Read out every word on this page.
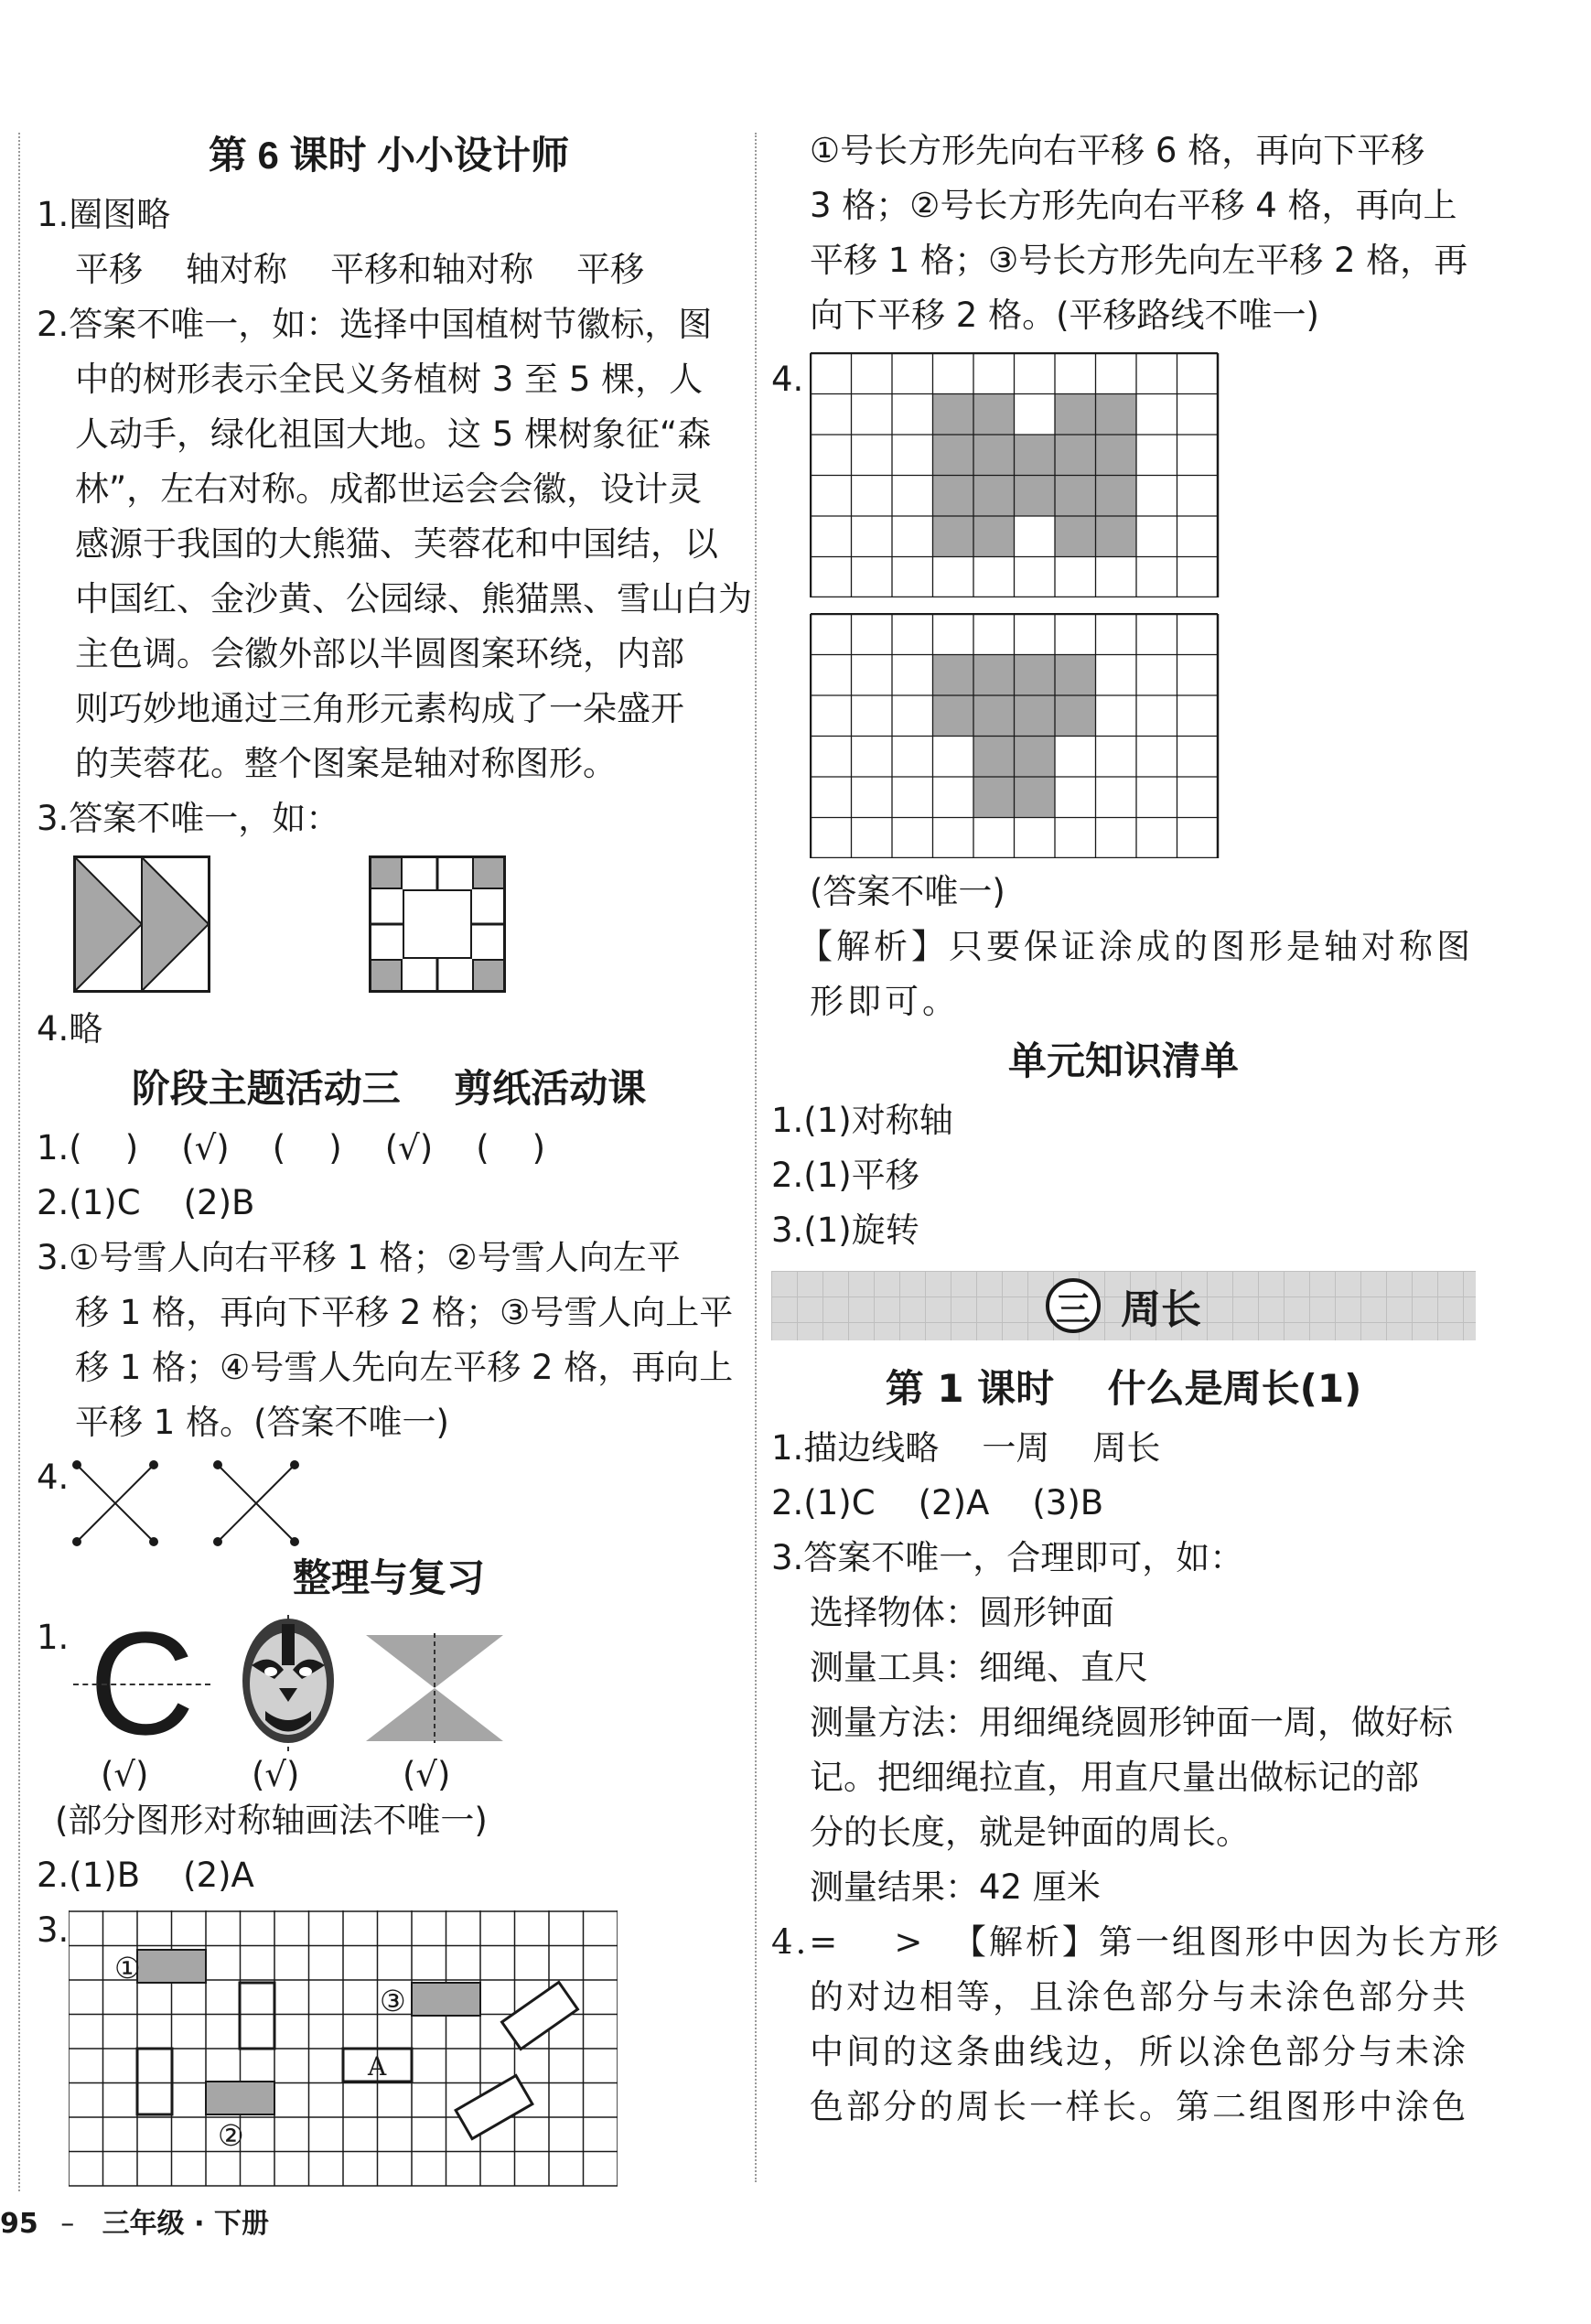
第 6 课时 小小设计师

1.圈图略

平移    轴对称    平移和轴对称    平移

2.答案不唯一，如：选择中国植树节徽标，图

中的树形表示全民义务植树 3 至 5 棵，人

人动手，绿化祖国大地。这 5 棵树象征“森

林”，左右对称。成都世运会会徽，设计灵

感源于我国的大熊猫、芙蓉花和中国结，以

中国红、金沙黄、公园绿、熊猫黑、雪山白为

主色调。会徽外部以半圆图案环绕，内部

则巧妙地通过三角形元素构成了一朵盛开

的芙蓉花。整个图案是轴对称图形。

3.答案不唯一，如：

4.略

阶段主题活动三    剪纸活动课

1.(    )    (√)    (    )    (√)    (    )

2.(1)C    (2)B

3.①号雪人向右平移 1 格；②号雪人向左平

移 1 格，再向下平移 2 格；③号雪人向上平

移 1 格；④号雪人先向左平移 2 格，再向上

平移 1 格。(答案不唯一)

4.

整理与复习

1. C
(√)	(√)	(√)

(部分图形对称轴画法不唯一)

2.(1)B    (2)A

3.
①
②
③
A

①号长方形先向右平移 6 格，再向下平移

3 格；②号长方形先向右平移 4 格，再向上

平移 1 格；③号长方形先向左平移 2 格，再

向下平移 2 格。(平移路线不唯一)

4.

(答案不唯一)

【解析】只要保证涂成的图形是轴对称图

形即可。

单元知识清单

1.(1)对称轴

2.(1)平移

3.(1)旋转

三 周长

第 1 课时    什么是周长(1)

1.描边线略    一周    周长

2.(1)C    (2)A    (3)B

3.答案不唯一，合理即可，如：

选择物体：圆形钟面

测量工具：细绳、直尺

测量方法：用细绳绕圆形钟面一周，做好标

记。把细绳拉直，用直尺量出做标记的部

分的长度，就是钟面的周长。

测量结果：42 厘米

4.=    >  【解析】第一组图形中因为长方形

的对边相等，且涂色部分与未涂色部分共

中间的这条曲线边，所以涂色部分与未涂

色部分的周长一样长。第二组图形中涂色

95 – 三年级 · 下册
